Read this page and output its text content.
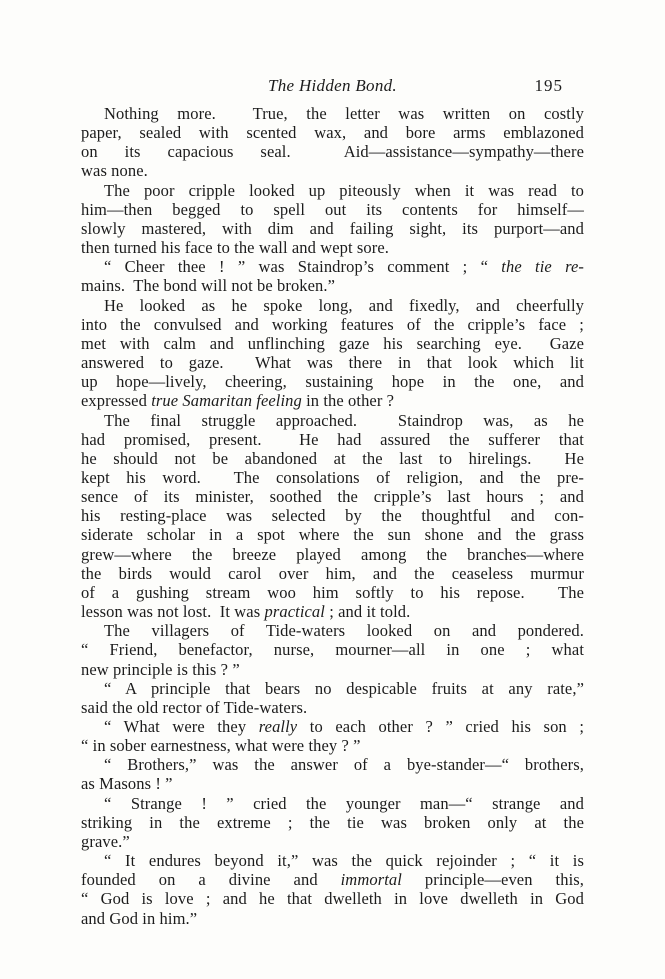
The Hidden Bond.	195
Nothing more.  True, the letter was written on costly
paper, sealed with scented wax, and bore arms emblazoned
on its capacious seal.  Aid—assistance—sympathy—there
was none.
The poor cripple looked up piteously when it was read to
him—then begged to spell out its contents for himself—
slowly mastered, with dim and failing sight, its purport—and
then turned his face to the wall and wept sore.
“ Cheer thee ! ” was Staindrop’s comment ; “ the tie re-
mains.  The bond will not be broken.”
He looked as he spoke long, and fixedly, and cheerfully
into the convulsed and working features of the cripple’s face ;
met with calm and unflinching gaze his searching eye.  Gaze
answered to gaze.  What was there in that look which lit
up hope—lively, cheering, sustaining hope in the one, and
expressed true Samaritan feeling in the other ?
The final struggle approached.  Staindrop was, as he
had promised, present.  He had assured the sufferer that
he should not be abandoned at the last to hirelings.  He
kept his word.  The consolations of religion, and the pre-
sence of its minister, soothed the cripple’s last hours ; and
his resting-place was selected by the thoughtful and con-
siderate scholar in a spot where the sun shone and the grass
grew—where the breeze played among the branches—where
the birds would carol over him, and the ceaseless murmur
of a gushing stream woo him softly to his repose.  The
lesson was not lost.  It was practical ; and it told.
The villagers of Tide-waters looked on and pondered.
“ Friend, benefactor, nurse, mourner—all in one ; what
new principle is this ? ”
“ A principle that bears no despicable fruits at any rate,”
said the old rector of Tide-waters.
“ What were they really to each other ? ” cried his son ;
“ in sober earnestness, what were they ? ”
“ Brothers,” was the answer of a bye-stander—“ brothers,
as Masons ! ”
“ Strange ! ” cried the younger man—“ strange and
striking in the extreme ; the tie was broken only at the
grave.”
“ It endures beyond it,” was the quick rejoinder ; “ it is
founded on a divine and immortal principle—even this,
“ God is love ; and he that dwelleth in love dwelleth in God
and God in him.”
